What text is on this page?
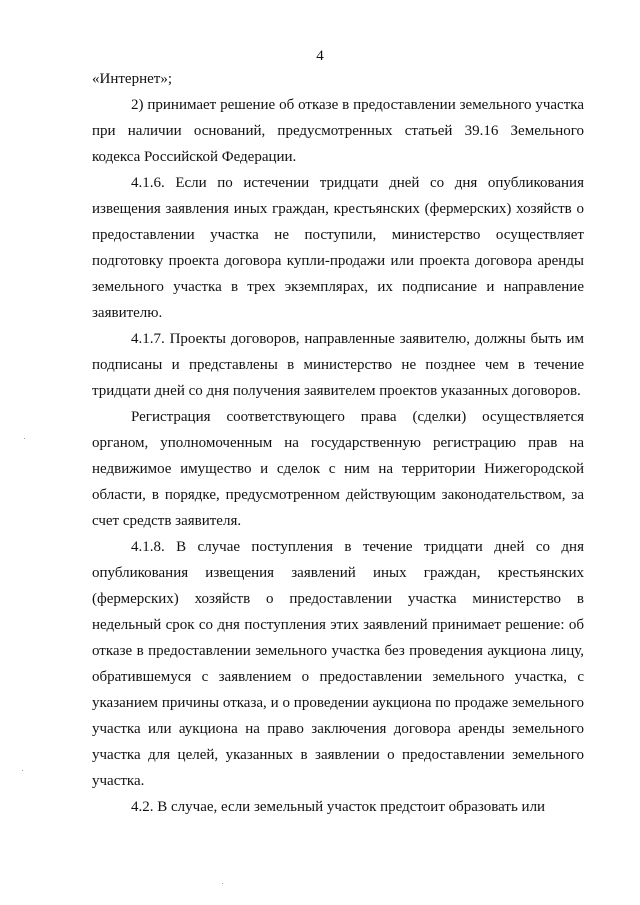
4

«Интернет»;

2) принимает решение об отказе в предоставлении земельного участка при наличии оснований, предусмотренных статьей 39.16 Земельного кодекса Российской Федерации.

4.1.6. Если по истечении тридцати дней со дня опубликования извещения заявления иных граждан, крестьянских (фермерских) хозяйств о предоставлении участка не поступили, министерство осуществляет подготовку проекта договора купли-продажи или проекта договора аренды земельного участка в трех экземплярах, их подписание и направление заявителю.

4.1.7. Проекты договоров, направленные заявителю, должны быть им подписаны и представлены в министерство не позднее чем в течение тридцати дней со дня получения заявителем проектов указанных договоров.

Регистрация соответствующего права (сделки) осуществляется органом, уполномоченным на государственную регистрацию прав на недвижимое имущество и сделок с ним на территории Нижегородской области, в порядке, предусмотренном действующим законодательством, за счет средств заявителя.

4.1.8. В случае поступления в течение тридцати дней со дня опубликования извещения заявлений иных граждан, крестьянских (фермерских) хозяйств о предоставлении участка министерство в недельный срок со дня поступления этих заявлений принимает решение: об отказе в предоставлении земельного участка без проведения аукциона лицу, обратившемуся с заявлением о предоставлении земельного участка, с указанием причины отказа, и о проведении аукциона по продаже земельного участка или аукциона на право заключения договора аренды земельного участка для целей, указанных в заявлении о предоставлении земельного участка.

4.2. В случае, если земельный участок предстоит образовать или
